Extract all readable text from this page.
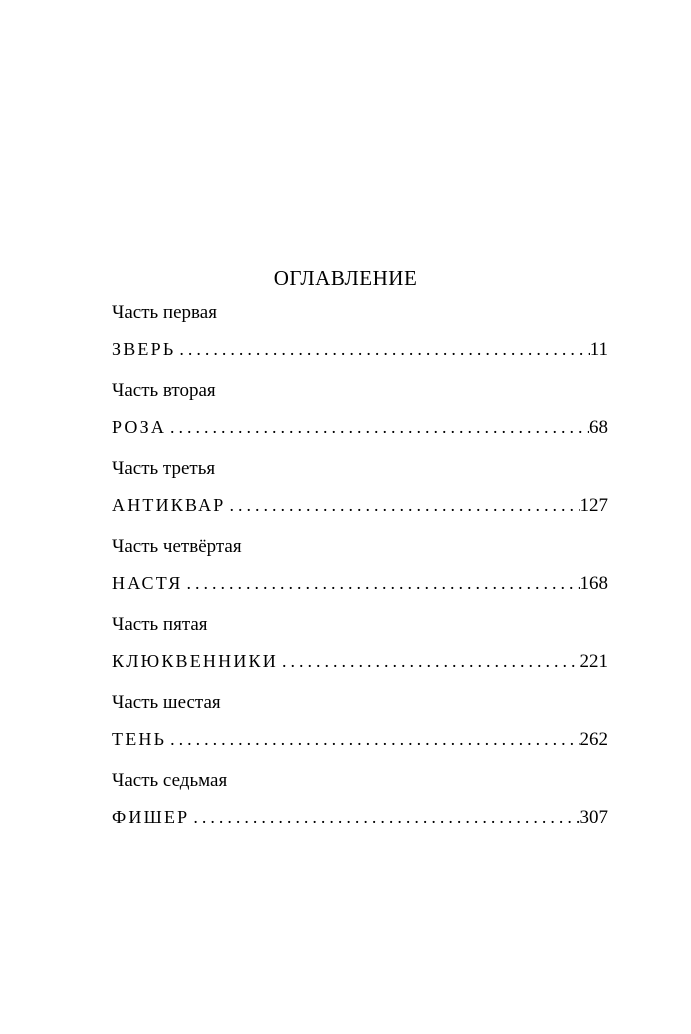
ОГЛАВЛЕНИЕ
Часть первая
ЗВЕРЬ . . .	11
Часть вторая
РОЗА . . .	68
Часть третья
АНТИКВАР . . .	127
Часть четвёртая
НАСТЯ . . .	168
Часть пятая
КЛЮКВЕННИКИ . . .	221
Часть шестая
ТЕНЬ . . .	262
Часть седьмая
ФИШЕР . . .	307
